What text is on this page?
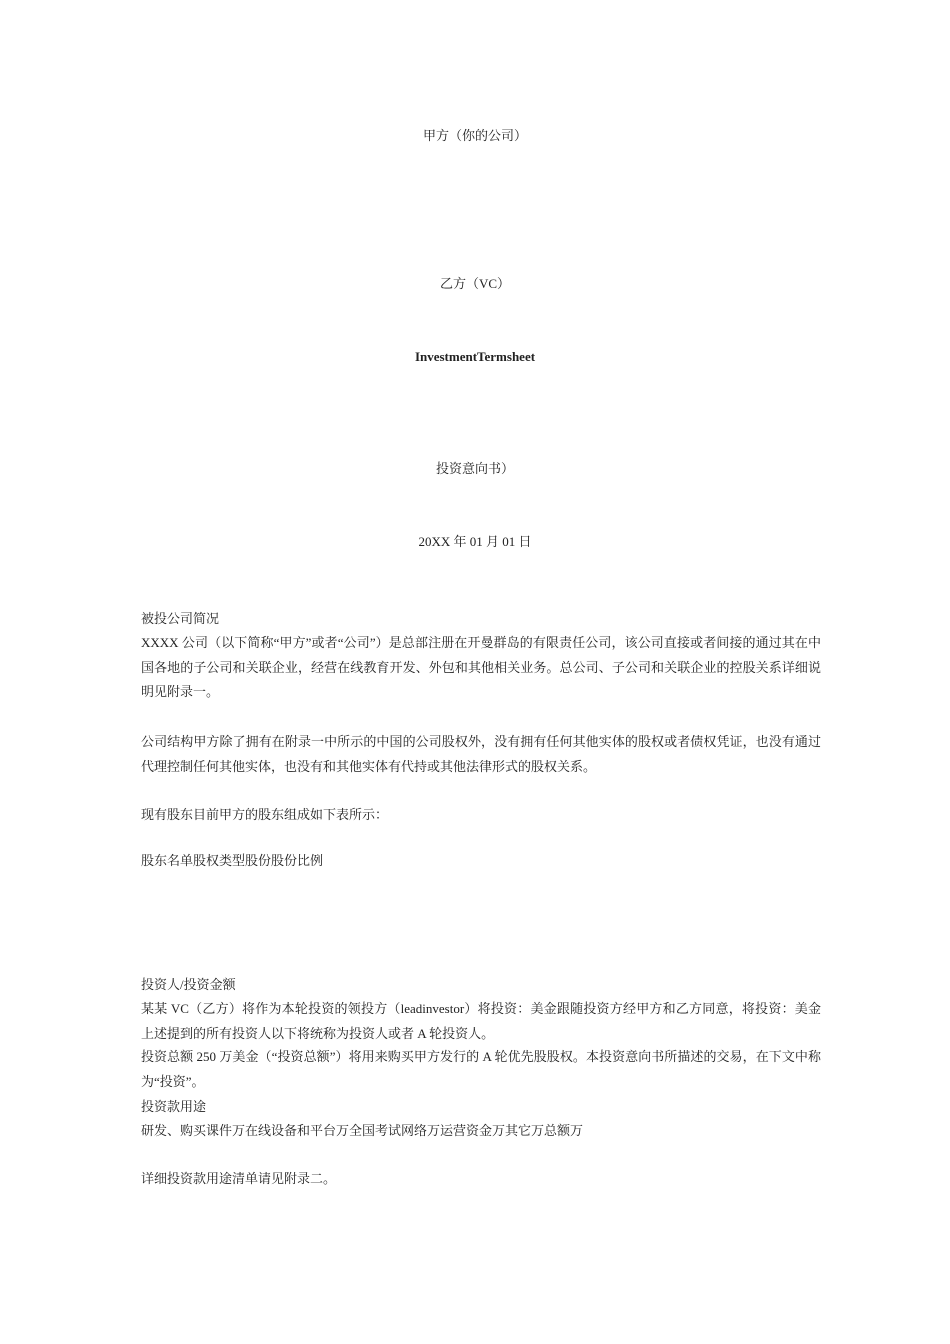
甲方（你的公司）
乙方（VC）
InvestmentTermsheet
投资意向书）
20XX 年 01 月 01 日
被投公司简况
XXXX 公司（以下简称“甲方”或者“公司”）是总部注册在开曼群岛的有限责任公司，该公司直接或者间接的通过其在中国各地的子公司和关联企业，经营在线教育开发、外包和其他相关业务。总公司、子公司和关联企业的控股关系详细说明见附录一。
公司结构甲方除了拥有在附录一中所示的中国的公司股权外，没有拥有任何其他实体的股权或者债权凭证，也没有通过代理控制任何其他实体，也没有和其他实体有代持或其他法律形式的股权关系。
现有股东目前甲方的股东组成如下表所示：
股东名单股权类型股份股份比例
投资人/投资金额
某某 VC（乙方）将作为本轮投资的领投方（leadinvestor）将投资：美金跟随投资方经甲方和乙方同意，将投资：美金上述提到的所有投资人以下将统称为投资人或者 A 轮投资人。
投资总额 250 万美金（“投资总额”）将用来购买甲方发行的 A 轮优先股股权。本投资意向书所描述的交易，在下文中称为“投资”。
投资款用途
研发、购买课件万在线设备和平台万全国考试网络万运营资金万其它万总额万
详细投资款用途清单请见附录二。
